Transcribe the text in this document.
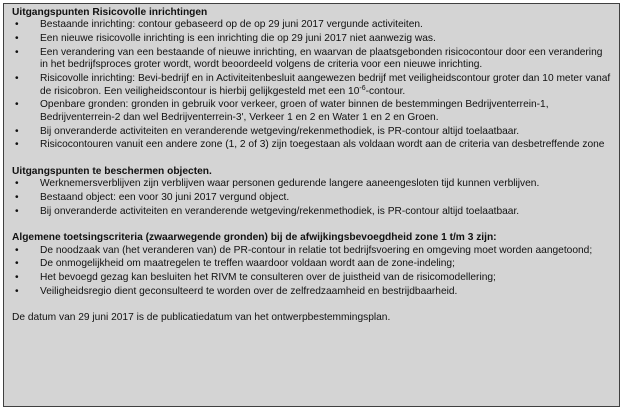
Uitgangspunten Risicovolle inrichtingen

• Bestaande inrichting: contour gebaseerd op de op 29 juni 2017 vergunde activiteiten.
• Een nieuwe risicovolle inrichting is een inrichting die op 29 juni 2017 niet aanwezig was.
• Een verandering van een bestaande of nieuwe inrichting, en waarvan de plaatsgebonden risicocontour door een verandering in het bedrijfsproces groter wordt, wordt beoordeeld volgens de criteria voor een nieuwe inrichting.
• Risicovolle inrichting: Bevi-bedrijf en in Activiteitenbesluit aangewezen bedrijf met veiligheidscontour groter dan 10 meter vanaf de risicobron. Een veiligheidscontour is hierbij gelijkgesteld met een $10^{-6}$-contour.
• Openbare gronden: gronden in gebruik voor verkeer, groen of water binnen de bestemmingen Bedrijventerrein-1, Bedrijventerrein-2 dan wel Bedrijventerrein-3', Verkeer 1 en 2 en Water 1 en 2 en Groen.
• Bij onveranderde activiteiten en veranderende wetgeving/rekenmethodiek, is PR-contour altijd toelaatbaar.
• Risicocontouren vanuit een andere zone (1, 2 of 3) zijn toegestaan als voldaan wordt aan de criteria van desbetreffende zone

Uitgangspunten te beschermen objecten.

• Werknemersverblijven zijn verblijven waar personen gedurende langere aaneengesloten tijd kunnen verblijven.
• Bestaand object: een voor 30 juni 2017 vergund object.
• Bij onveranderde activiteiten en veranderende wetgeving/rekenmethodiek, is PR-contour altijd toelaatbaar.

Algemene toetsingscriteria (zwaarwegende gronden) bij de afwijkingsbevoegdheid zone 1 t/m 3 zijn:

• De noodzaak van (het veranderen van) de PR-contour in relatie tot bedrijfsvoering en omgeving moet worden aangetoond;
• De onmogelijkheid om maatregelen te treffen waardoor voldaan wordt aan de zone-indeling;
• Het bevoegd gezag kan besluiten het RIVM te consulteren over de juistheid van de risicomodellering;
• Veiligheidsregio dient geconsulteerd te worden over de zelfredzaamheid en bestrijdbaarheid.

De datum van 29 juni 2017 is de publicatiedatum van het ontwerpbestemmingsplan.
